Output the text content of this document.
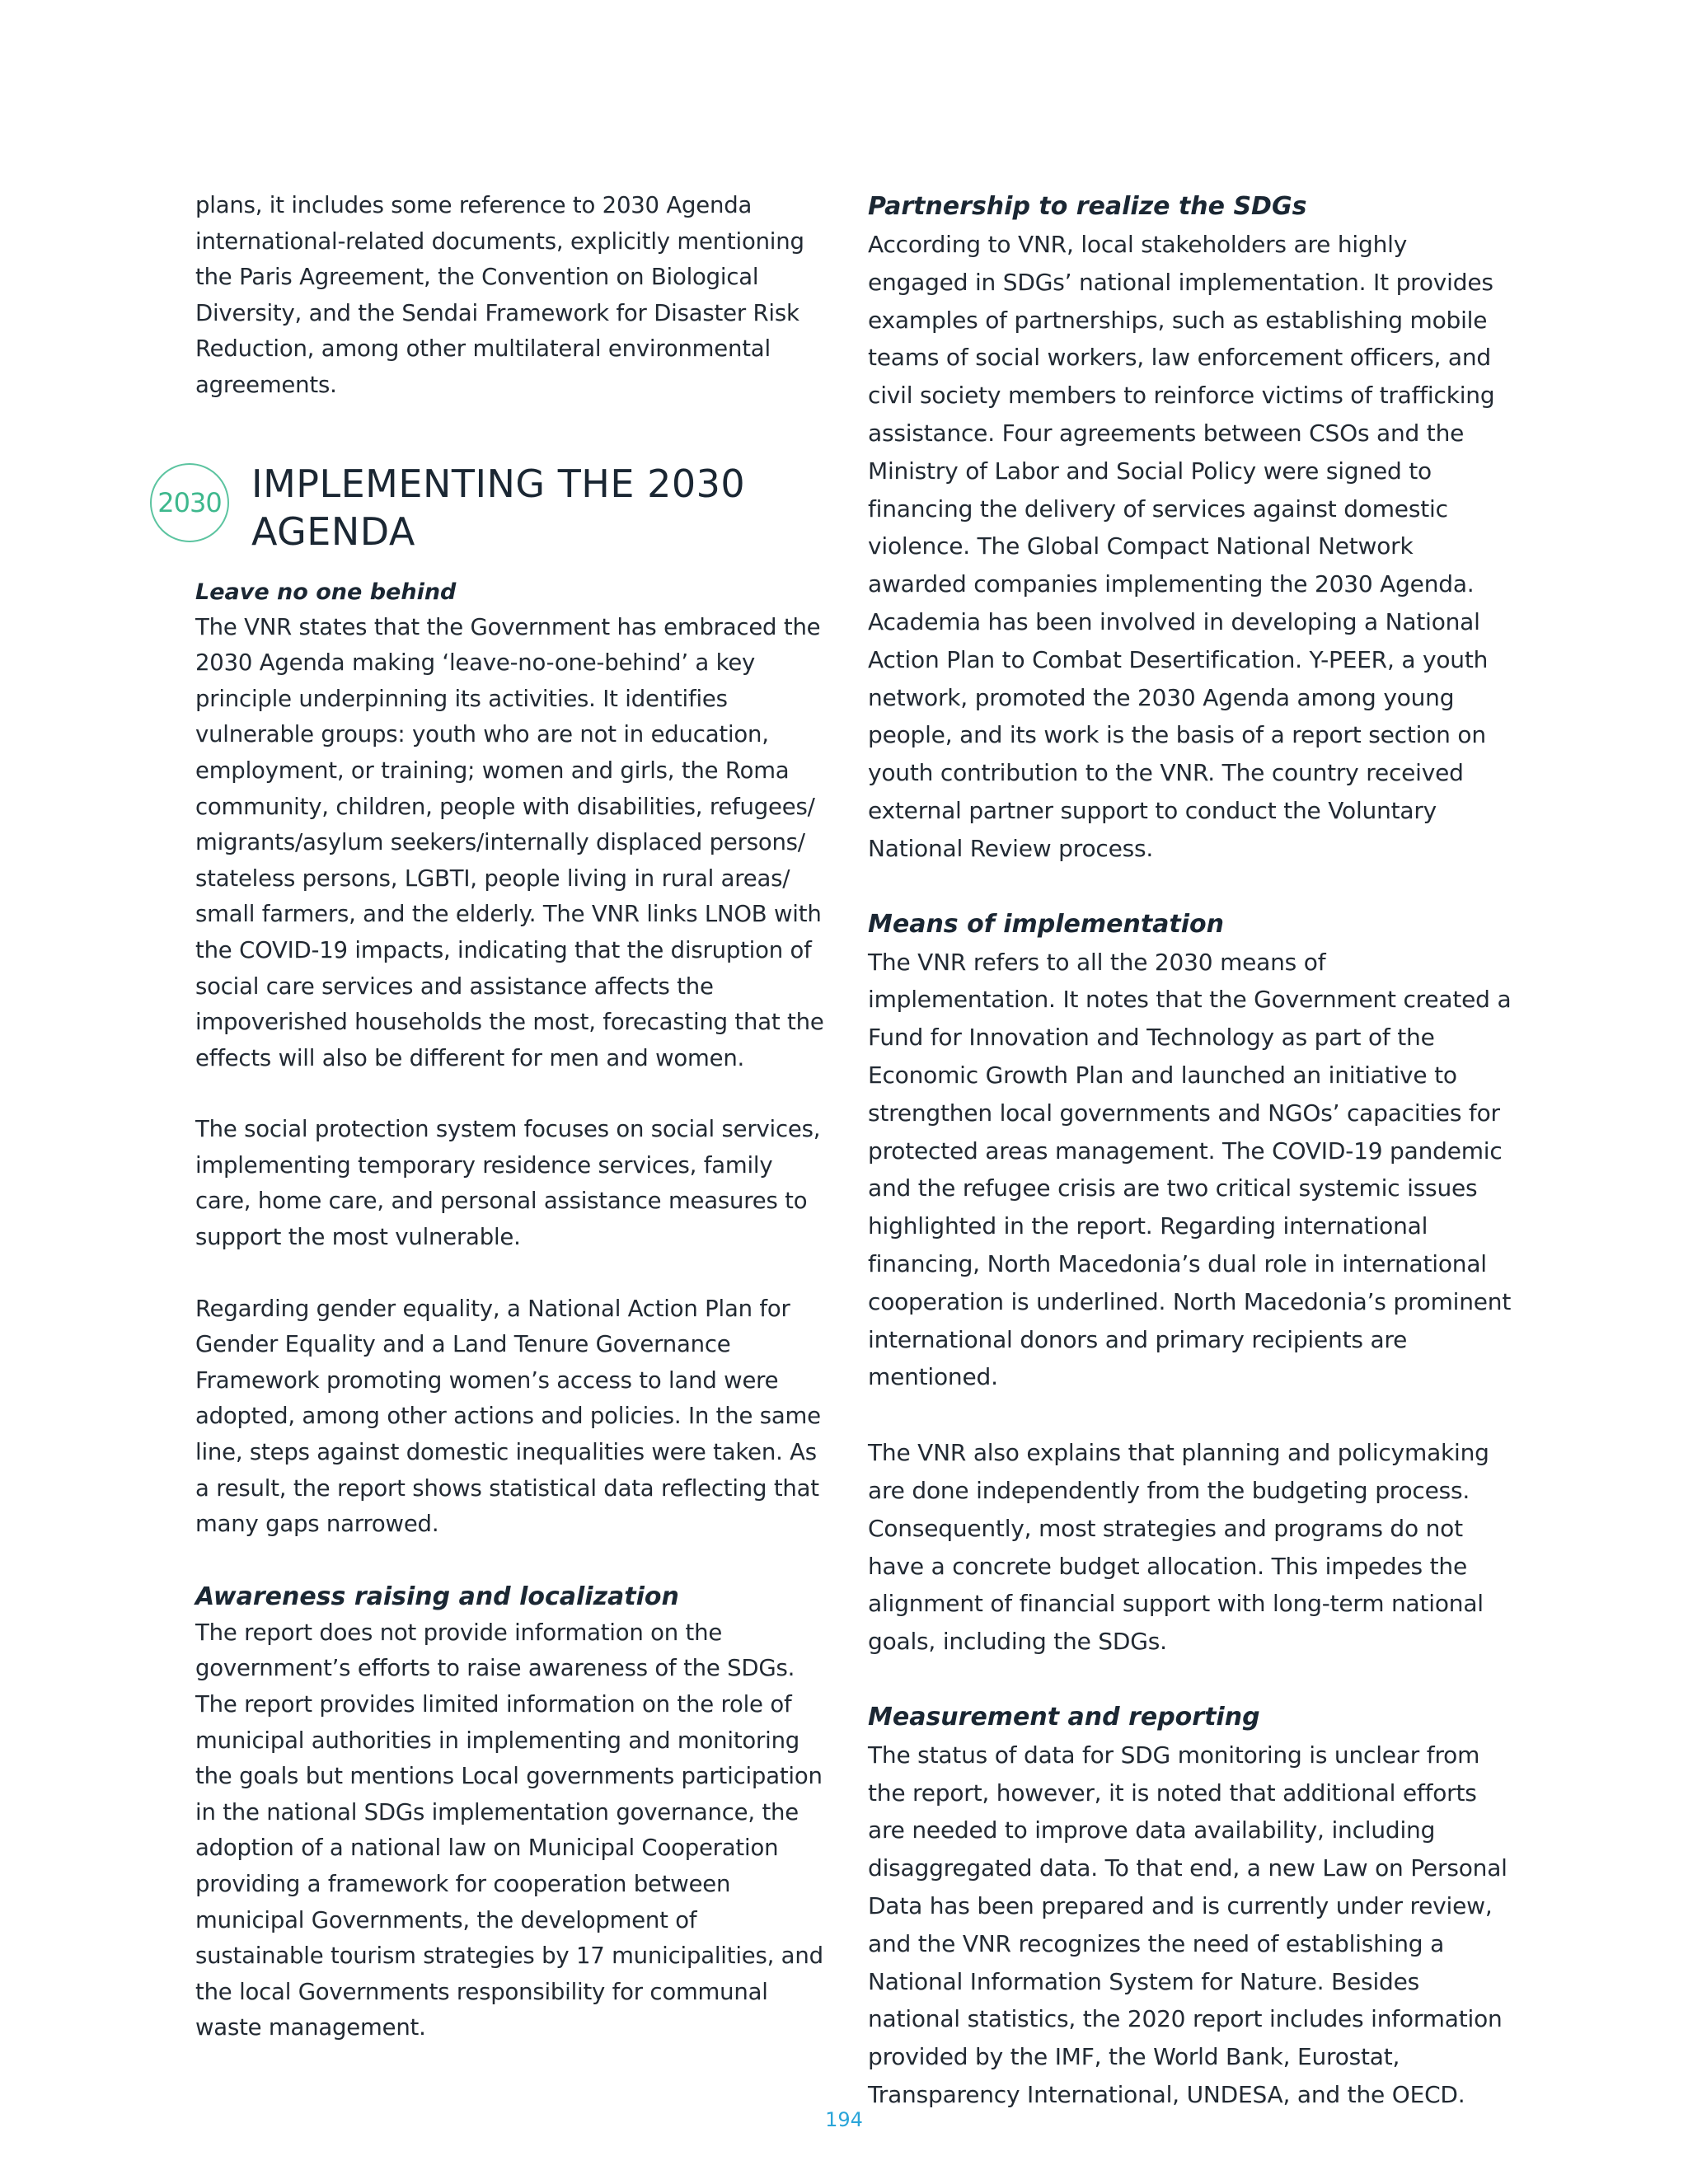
plans, it includes some reference to 2030 Agenda international-related documents, explicitly mentioning the Paris Agreement, the Convention on Biological Diversity, and the Sendai Framework for Disaster Risk Reduction, among other multilateral environmental agreements.

2030 IMPLEMENTING THE 2030 AGENDA
Leave no one behind

The VNR states that the Government has embraced the 2030 Agenda making ‘leave-no-one-behind’ a key principle underpinning its activities. It identifies vulnerable groups: youth who are not in education, employment, or training; women and girls, the Roma community, children, people with disabilities, refugees/ migrants/asylum seekers/internally displaced persons/ stateless persons, LGBTI, people living in rural areas/ small farmers, and the elderly. The VNR links LNOB with the COVID-19 impacts, indicating that the disruption of social care services and assistance affects the impoverished households the most, forecasting that the effects will also be different for men and women.

The social protection system focuses on social services, implementing temporary residence services, family care, home care, and personal assistance measures to support the most vulnerable.

Regarding gender equality, a National Action Plan for Gender Equality and a Land Tenure Governance Framework promoting women’s access to land were adopted, among other actions and policies. In the same line, steps against domestic inequalities were taken. As a result, the report shows statistical data reflecting that many gaps narrowed.

Awareness raising and localization

The report does not provide information on the government’s efforts to raise awareness of the SDGs. The report provides limited information on the role of municipal authorities in implementing and monitoring the goals but mentions Local governments participation in the national SDGs implementation governance, the adoption of a national law on Municipal Cooperation providing a framework for cooperation between municipal Governments, the development of sustainable tourism strategies by 17 municipalities, and the local Governments responsibility for communal waste management.

Partnership to realize the SDGs

According to VNR, local stakeholders are highly engaged in SDGs’ national implementation. It provides examples of partnerships, such as establishing mobile teams of social workers, law enforcement officers, and civil society members to reinforce victims of trafficking assistance. Four agreements between CSOs and the Ministry of Labor and Social Policy were signed to financing the delivery of services against domestic violence. The Global Compact National Network awarded companies implementing the 2030 Agenda. Academia has been involved in developing a National Action Plan to Combat Desertification. Y-PEER, a youth network, promoted the 2030 Agenda among young people, and its work is the basis of a report section on youth contribution to the VNR. The country received external partner support to conduct the Voluntary National Review process.

Means of implementation

The VNR refers to all the 2030 means of implementation. It notes that the Government created a Fund for Innovation and Technology as part of the Economic Growth Plan and launched an initiative to strengthen local governments and NGOs’ capacities for protected areas management. The COVID-19 pandemic and the refugee crisis are two critical systemic issues highlighted in the report. Regarding international financing, North Macedonia’s dual role in international cooperation is underlined. North Macedonia’s prominent international donors and primary recipients are mentioned.

The VNR also explains that planning and policymaking are done independently from the budgeting process. Consequently, most strategies and programs do not have a concrete budget allocation. This impedes the alignment of financial support with long-term national goals, including the SDGs.

Measurement and reporting

The status of data for SDG monitoring is unclear from the report, however, it is noted that additional efforts are needed to improve data availability, including disaggregated data. To that end, a new Law on Personal Data has been prepared and is currently under review, and the VNR recognizes the need of establishing a National Information System for Nature. Besides national statistics, the 2020 report includes information provided by the IMF, the World Bank, Eurostat, Transparency International, UNDESA, and the OECD.

194
